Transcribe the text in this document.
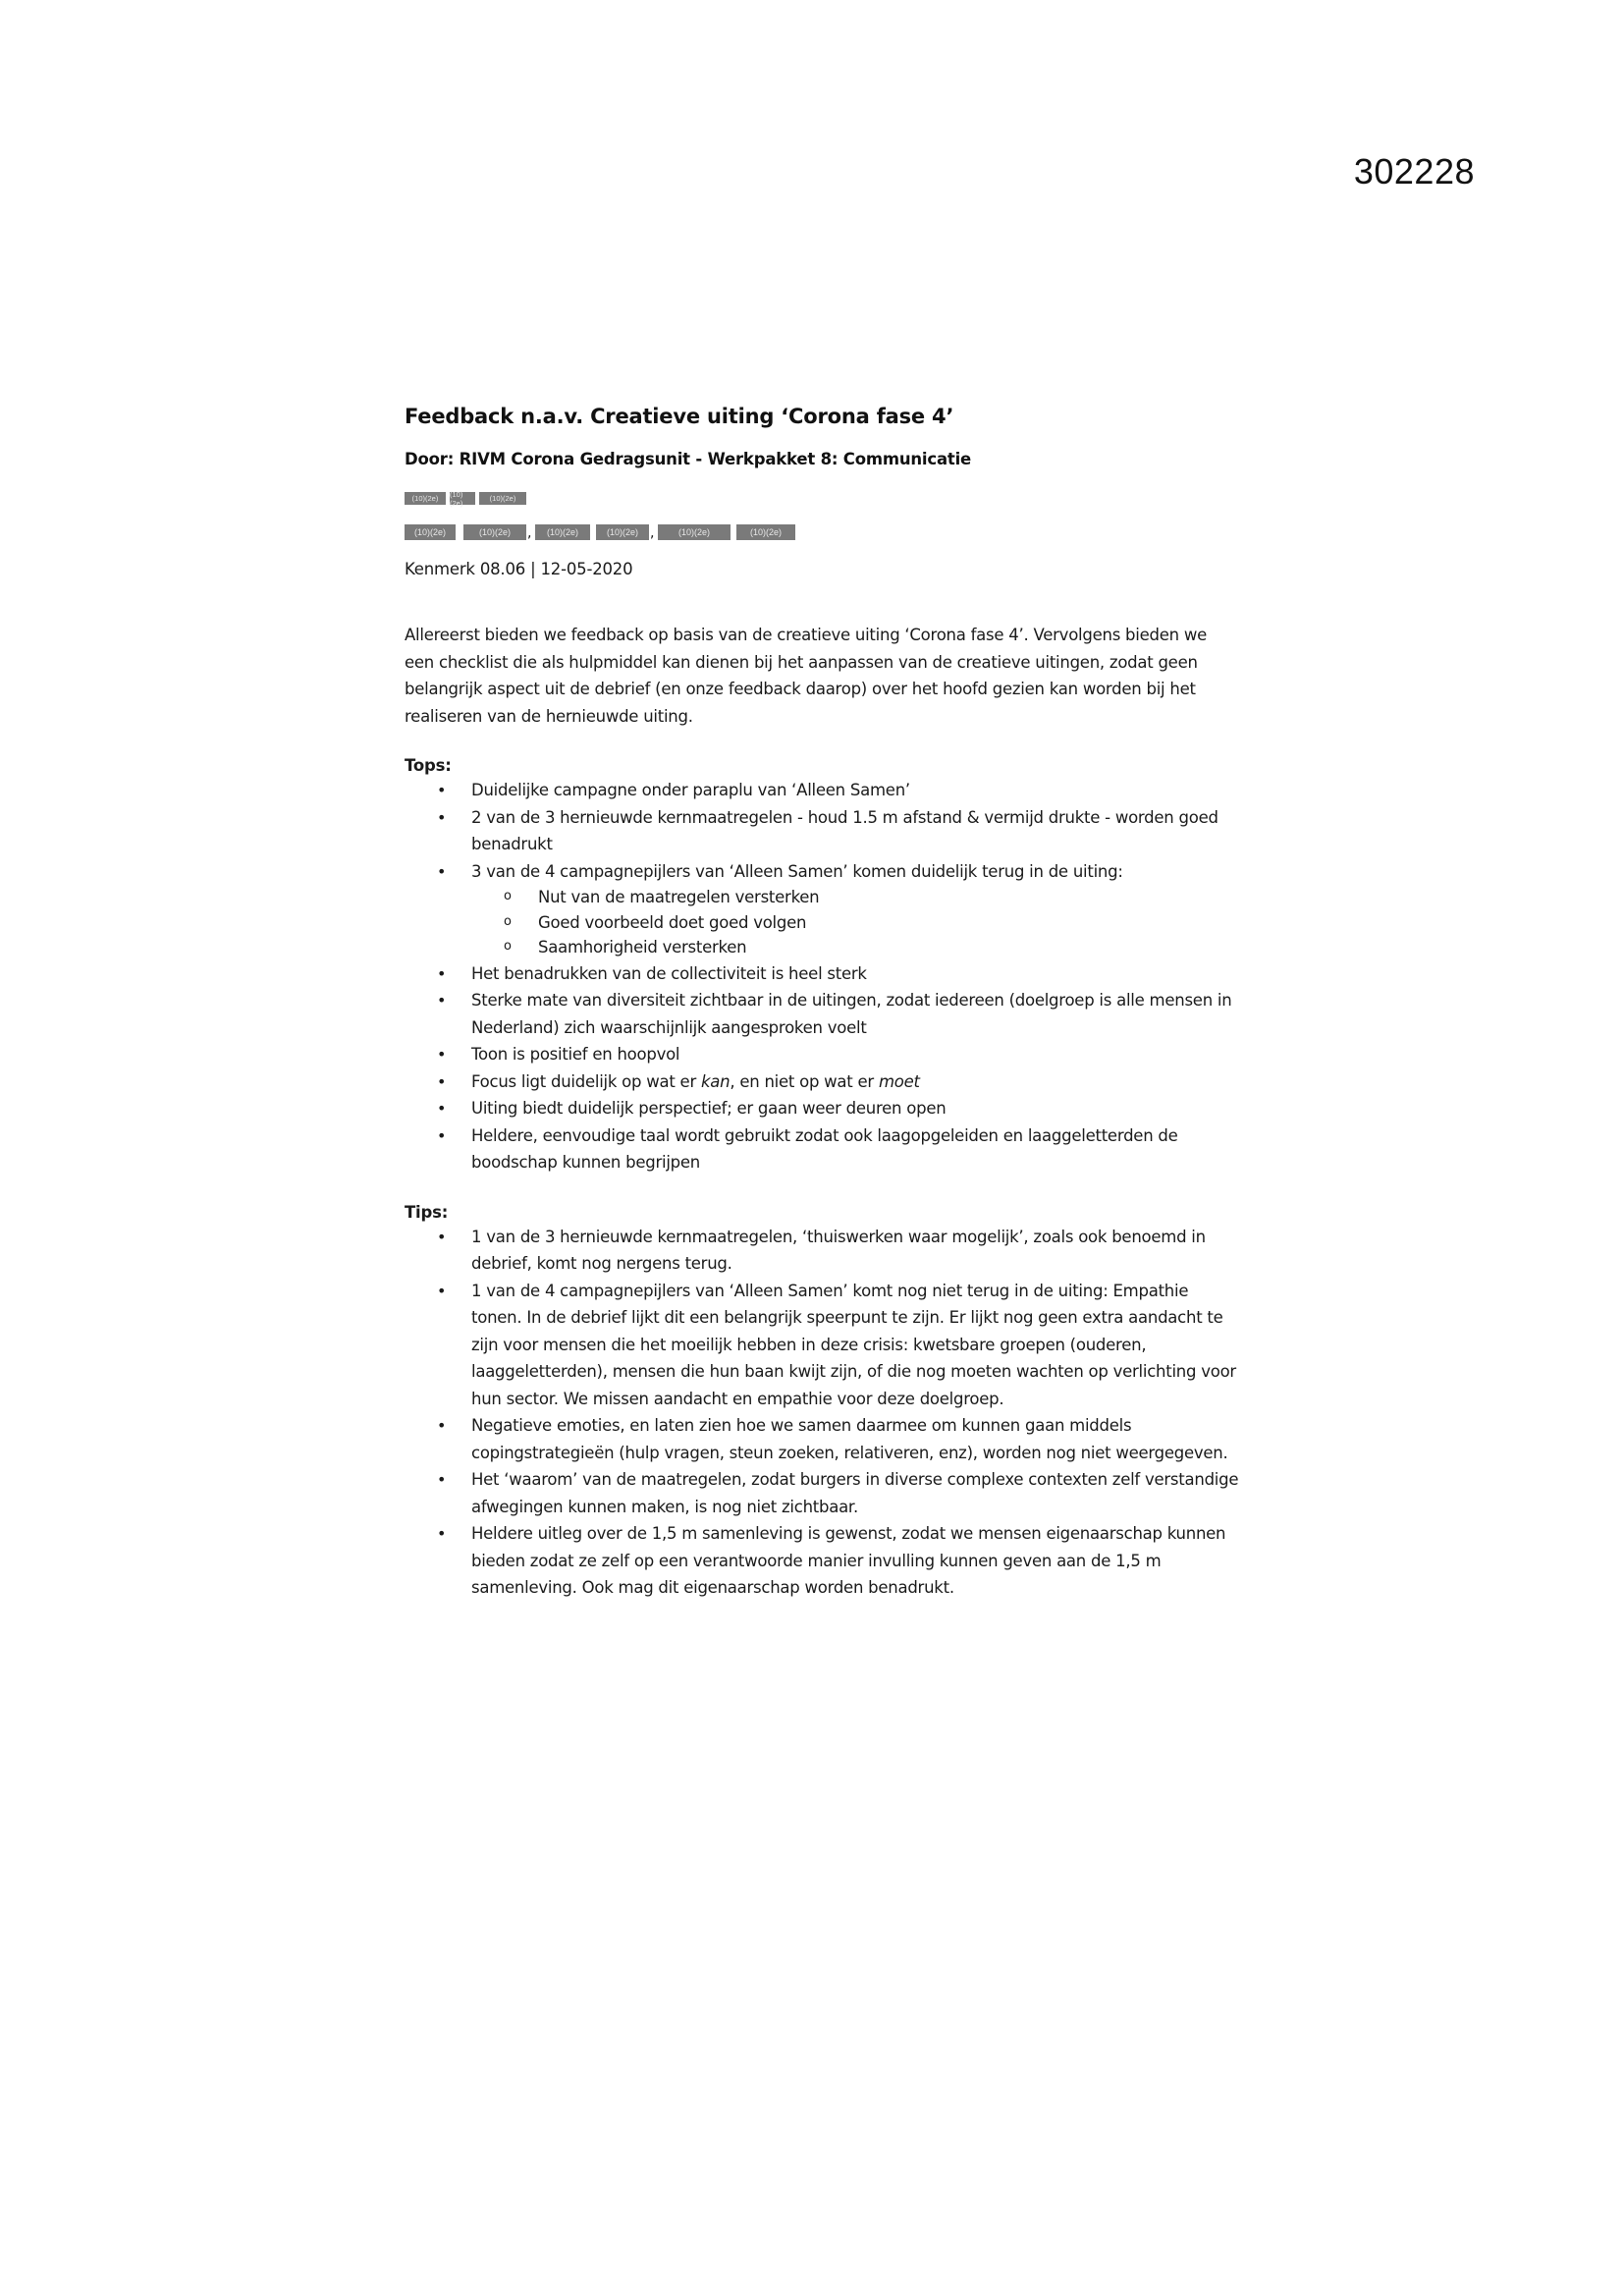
302228
Feedback n.a.v. Creatieve uiting ‘Corona fase 4’
Door: RIVM Corona Gedragsunit - Werkpakket 8: Communicatie
(10)(2e)	(10)(2e)	(10)(2e)
(10)(2e)	(10)(2e)	,	(10)(2e)	(10)(2e) ,	(10)(2e)	(10)(2e)
Kenmerk 08.06 | 12-05-2020
Allereerst bieden we feedback op basis van de creatieve uiting ‘Corona fase 4’. Vervolgens bieden we een checklist die als hulpmiddel kan dienen bij het aanpassen van de creatieve uitingen, zodat geen belangrijk aspect uit de debrief (en onze feedback daarop) over het hoofd gezien kan worden bij het realiseren van de hernieuwde uiting.
Tops:
• Duidelijke campagne onder paraplu van ‘Alleen Samen’
• 2 van de 3 hernieuwde kernmaatregelen - houd 1.5 m afstand & vermijd drukte - worden goed benadrukt
• 3 van de 4 campagnepijlers van ‘Alleen Samen’ komen duidelijk terug in de uiting:
o Nut van de maatregelen versterken
o Goed voorbeeld doet goed volgen
o Saamhorigheid versterken
• Het benadrukken van de collectiviteit is heel sterk
• Sterke mate van diversiteit zichtbaar in de uitingen, zodat iedereen (doelgroep is alle mensen in Nederland) zich waarschijnlijk aangesproken voelt
• Toon is positief en hoopvol
• Focus ligt duidelijk op wat er kan, en niet op wat er moet
• Uiting biedt duidelijk perspectief; er gaan weer deuren open
• Heldere, eenvoudige taal wordt gebruikt zodat ook laagopgeleiden en laaggeletterden de boodschap kunnen begrijpen
Tips:
• 1 van de 3 hernieuwde kernmaatregelen, ‘thuiswerken waar mogelijk’, zoals ook benoemd in debrief, komt nog nergens terug.
• 1 van de 4 campagnepijlers van ‘Alleen Samen’ komt nog niet terug in de uiting: Empathie tonen. In de debrief lijkt dit een belangrijk speerpunt te zijn. Er lijkt nog geen extra aandacht te zijn voor mensen die het moeilijk hebben in deze crisis: kwetsbare groepen (ouderen, laaggeletterden), mensen die hun baan kwijt zijn, of die nog moeten wachten op verlichting voor hun sector. We missen aandacht en empathie voor deze doelgroep.
• Negatieve emoties, en laten zien hoe we samen daarmee om kunnen gaan middels copingstrategieën (hulp vragen, steun zoeken, relativeren, enz), worden nog niet weergegeven.
• Het ‘waarom’ van de maatregelen, zodat burgers in diverse complexe contexten zelf verstandige afwegingen kunnen maken, is nog niet zichtbaar.
• Heldere uitleg over de 1,5 m samenleving is gewenst, zodat we mensen eigenaarschap kunnen bieden zodat ze zelf op een verantwoorde manier invulling kunnen geven aan de 1,5 m samenleving. Ook mag dit eigenaarschap worden benadrukt.
